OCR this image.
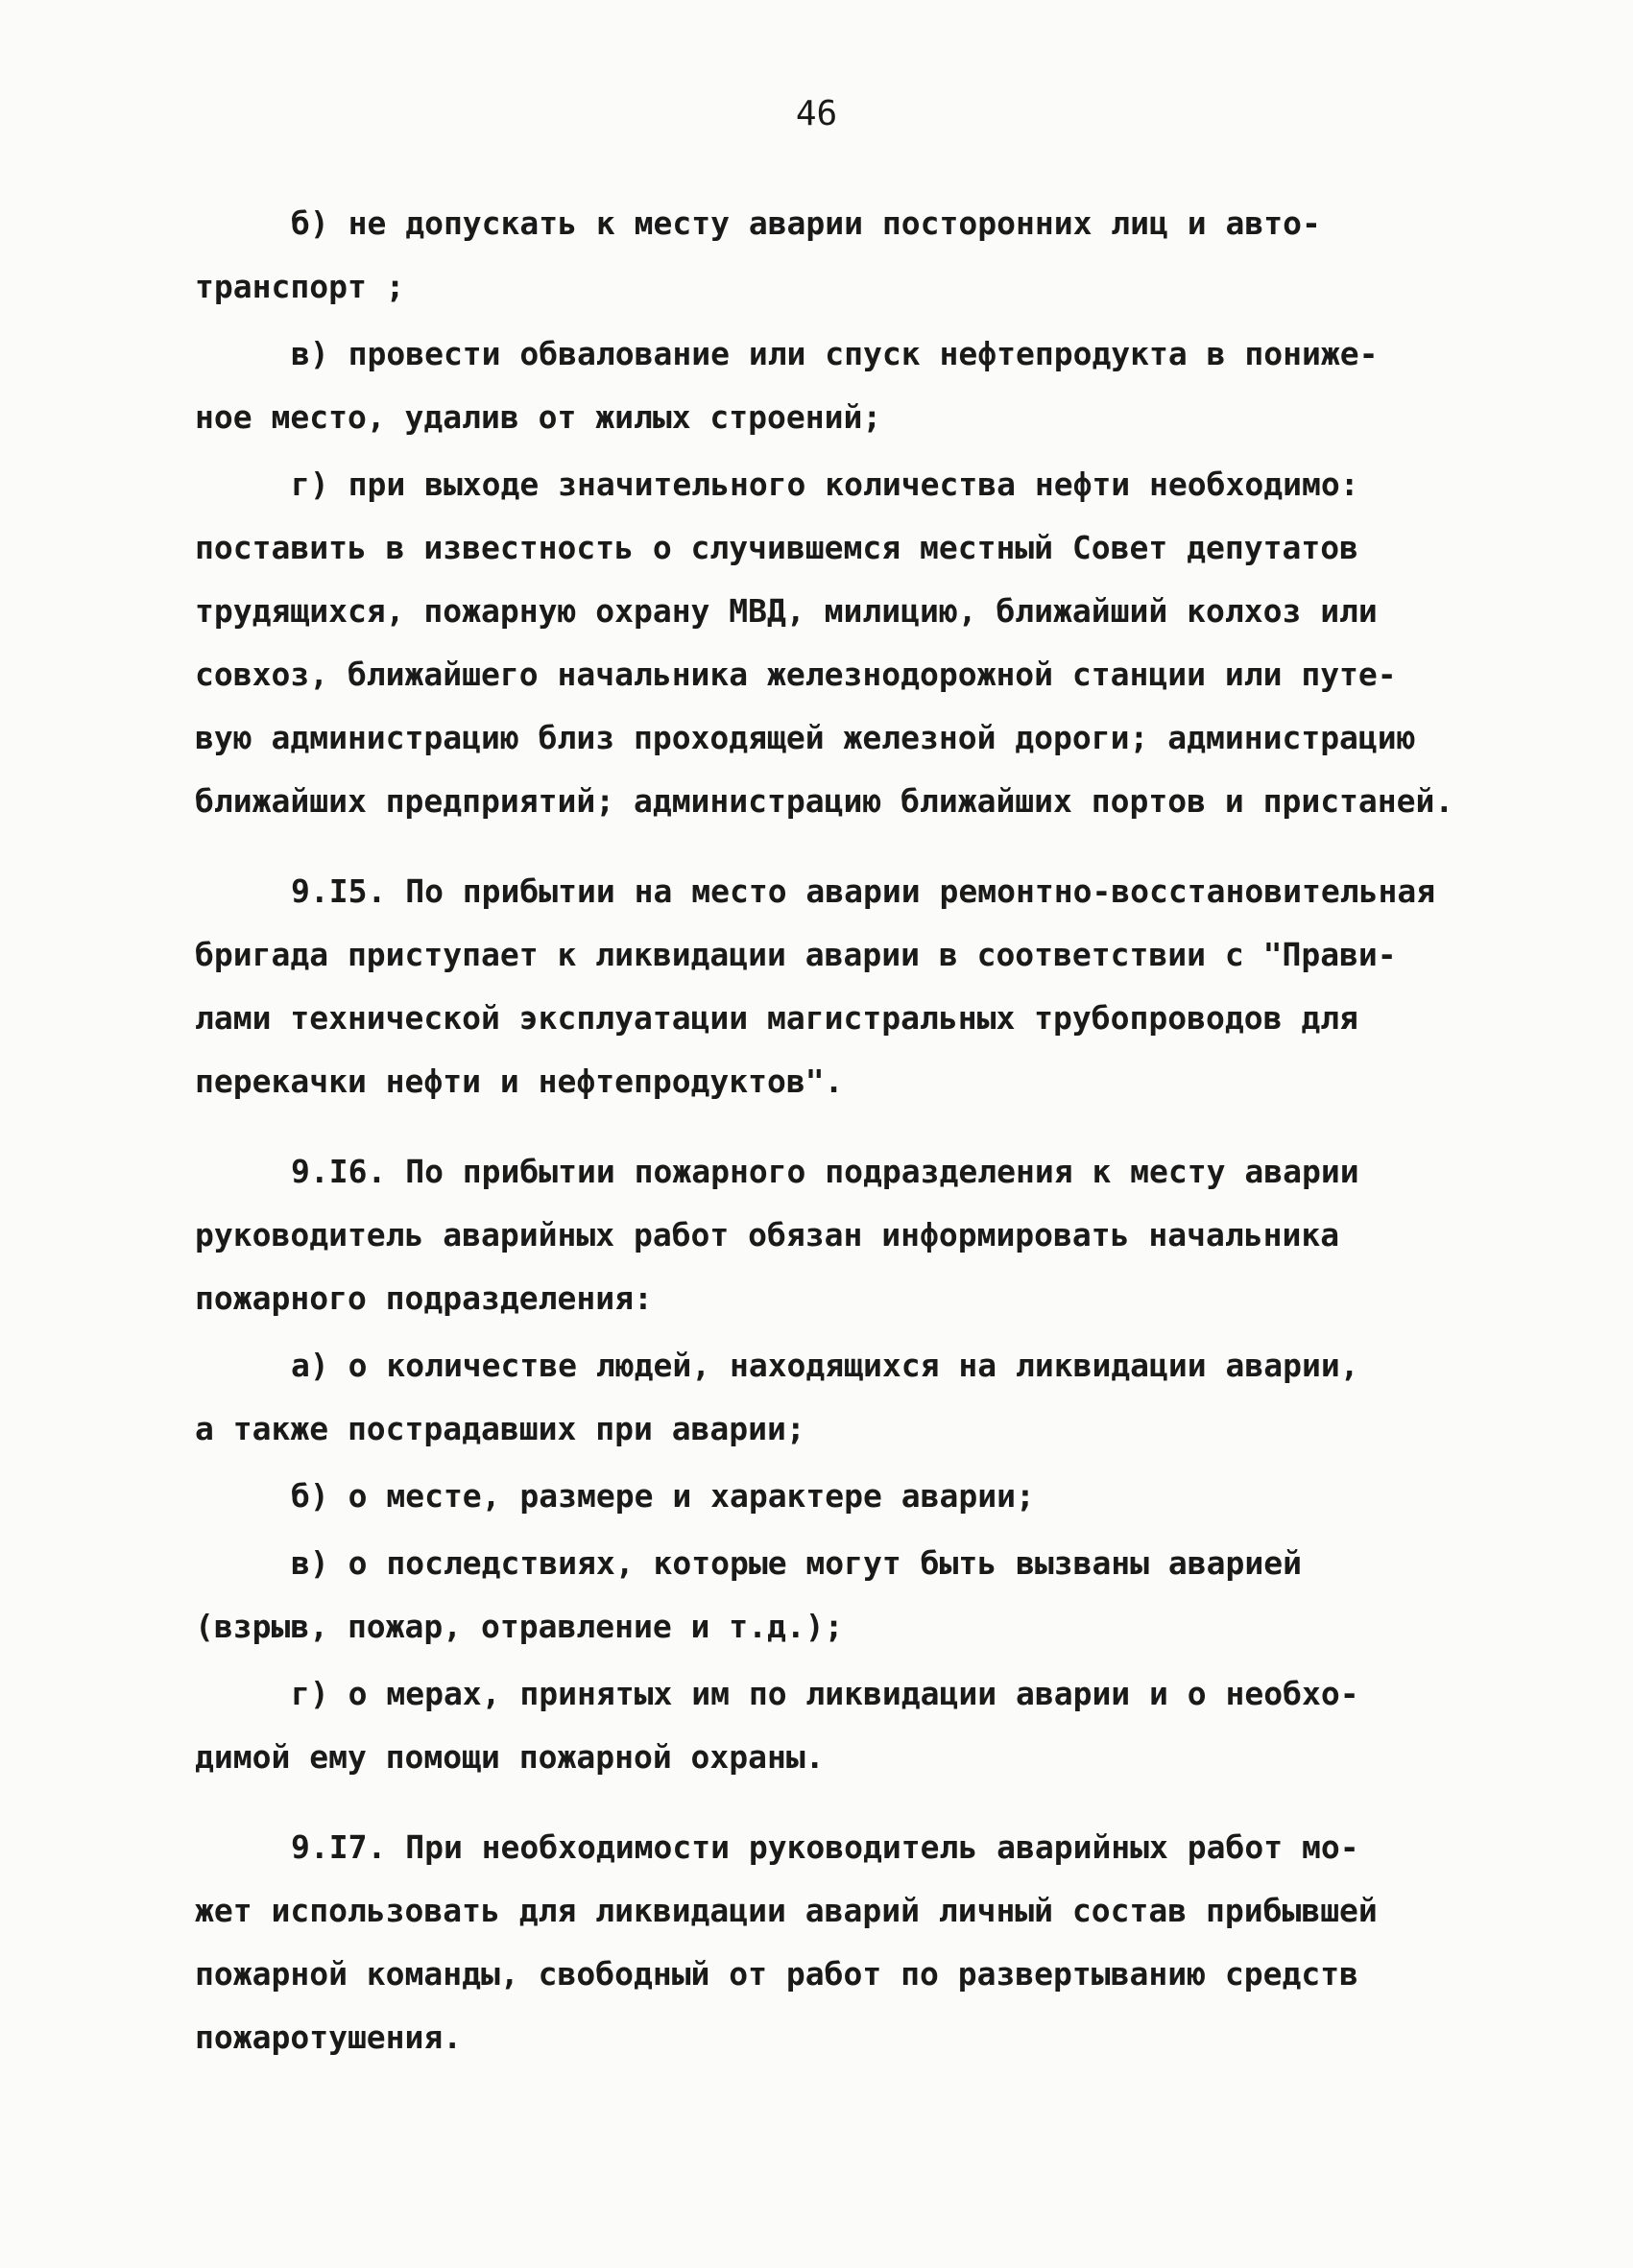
46
б) не допускать к месту аварии посторонних лиц и авто-
транспорт ;
в) провести обвалование или спуск нефтепродукта в пониже-
ное место, удалив от жилых строений;
г) при выходе значительного количества нефти необходимо:
поставить в известность о случившемся местный Совет депутатов
трудящихся, пожарную охрану МВД, милицию, ближайший колхоз или
совхоз, ближайшего начальника железнодорожной станции или путе-
вую администрацию близ проходящей железной дороги; администрацию
ближайших предприятий; администрацию ближайших портов и пристаней.
9.I5. По прибытии на место аварии ремонтно-восстановительная
бригада приступает к ликвидации аварии в соответствии с "Прави-
лами технической эксплуатации магистральных трубопроводов для
перекачки нефти и нефтепродуктов".
9.I6. По прибытии пожарного подразделения к месту аварии
руководитель аварийных работ обязан информировать начальника
пожарного подразделения:
а) о количестве людей, находящихся на ликвидации аварии,
а также пострадавших при аварии;
б) о месте, размере и характере аварии;
в) о последствиях, которые могут быть вызваны аварией
(взрыв, пожар, отравление и т.д.);
г) о мерах, принятых им по ликвидации аварии и о необхо-
димой ему помощи пожарной охраны.
9.I7. При необходимости руководитель аварийных работ мо-
жет использовать для ликвидации аварий личный состав прибывшей
пожарной команды, свободный от работ по развертыванию средств
пожаротушения.
